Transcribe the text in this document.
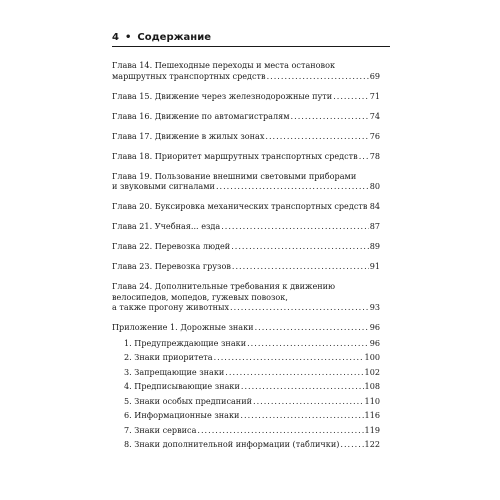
4 • Содержание
Глава 14. Пешеходные переходы и места остановок
маршрутных транспортных средств .....	69
Глава 15. Движение через железнодорожные пути .....	71
Глава 16. Движение по автомагистралям .....	74
Глава 17. Движение в жилых зонах .....	76
Глава 18. Приоритет маршрутных транспортных средств ..... 78
Глава 19. Пользование внешними световыми приборами
и звуковыми сигналами .....	80
Глава 20. Буксировка механических транспортных средств ..... 84
Глава 21. Учебная... езда .....	87
Глава 22. Перевозка людей .....	89
Глава 23. Перевозка грузов .....	91
Глава 24. Дополнительные требования к движению
велосипедов, мопедов, гужевых повозок,
а также прогону животных .....	93
Приложение 1. Дорожные знаки .....	96
1. Предупреждающие знаки .....	96
2. Знаки приоритета .....	100
3. Запрещающие знаки .....	102
4. Предписывающие знаки .....	108
5. Знаки особых предписаний .....	110
6. Информационные знаки .....	116
7. Знаки сервиса .....	119
8. Знаки дополнительной информации (таблички) .....	122
